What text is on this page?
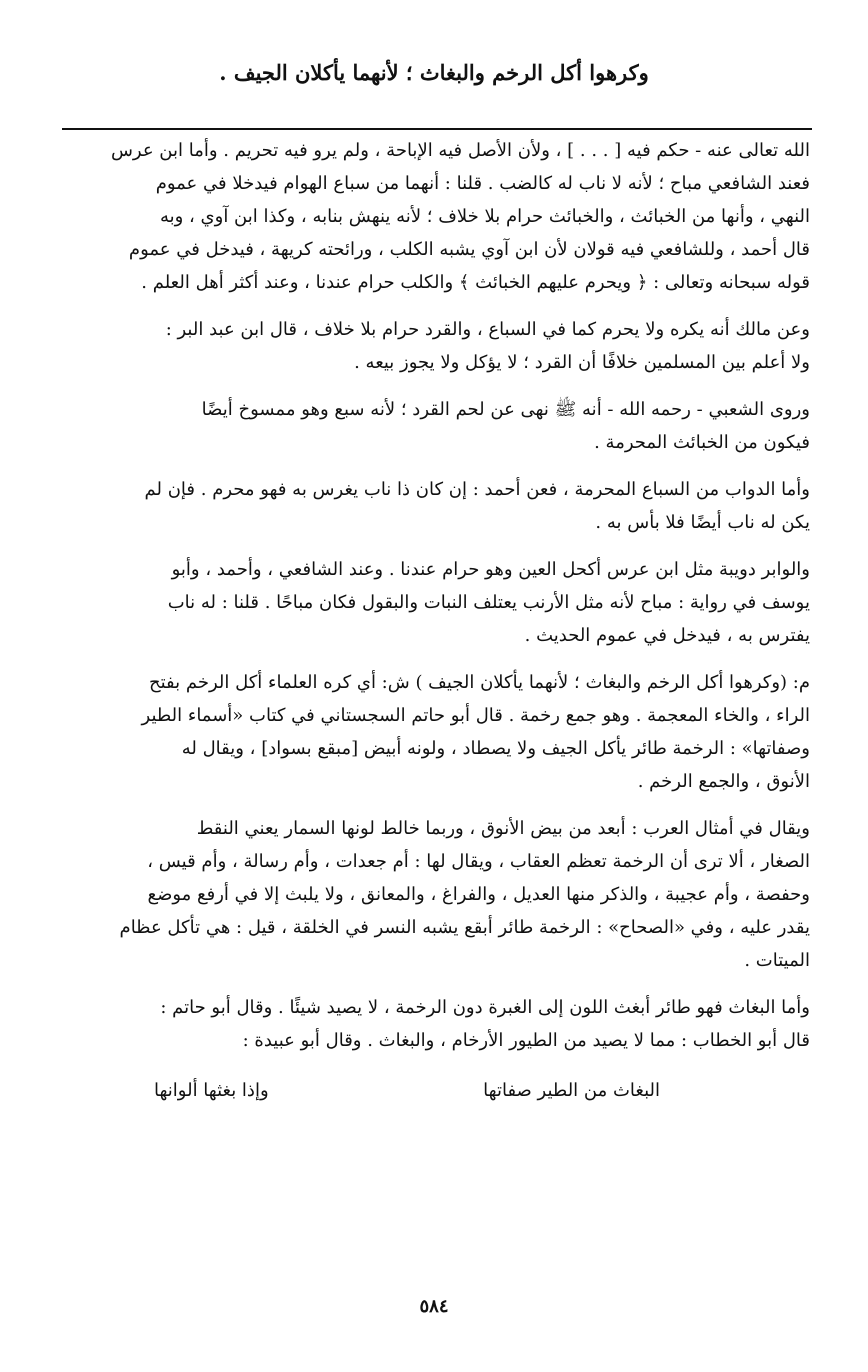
وكرهوا أكل الرخم والبغاث ؛ لأنهما يأكلان الجيف .
الله تعالى عنه - حكم فيه [ . . . ] ، ولأن الأصل فيه الإباحة ، ولم يرو فيه تحريم . وأما ابن عرس
فعند الشافعي مباح ؛ لأنه لا ناب له كالضب . قلنا : أنهما من سباع الهوام فيدخلا في عموم
النهي ، وأنها من الخبائث ، والخبائث حرام بلا خلاف ؛ لأنه ينهش بنابه ، وكذا ابن آوي ، وبه
قال أحمد ، وللشافعي فيه قولان لأن ابن آوي يشبه الكلب ، ورائحته كريهة ، فيدخل في عموم
قوله سبحانه وتعالى : ﴿ ويحرم عليهم الخبائث ﴾ والكلب حرام عندنا ، وعند أكثر أهل العلم .
وعن مالك أنه يكره ولا يحرم كما في السباع ، والقرد حرام بلا خلاف ، قال ابن عبد البر :
ولا أعلم بين المسلمين خلافًا أن القرد ؛ لا يؤكل ولا يجوز بيعه .
وروى الشعبي - رحمه الله - أنه ﷺ نهى عن لحم القرد ؛ لأنه سبع وهو ممسوخ أيضًا
فيكون من الخبائث المحرمة .
وأما الدواب من السباع المحرمة ، فعن أحمد : إن كان ذا ناب يغرس به فهو محرم . فإن لم
يكن له ناب أيضًا فلا بأس به .
والوابر دويبة مثل ابن عرس أكحل العين وهو حرام عندنا . وعند الشافعي ، وأحمد ، وأبو
يوسف في رواية : مباح لأنه مثل الأرنب يعتلف النبات والبقول فكان مباحًا . قلنا : له ناب
يفترس به ، فيدخل في عموم الحديث .
م: (وكرهوا أكل الرخم والبغاث ؛ لأنهما يأكلان الجيف ) ش: أي كره العلماء أكل الرخم بفتح
الراء ، والخاء المعجمة . وهو جمع رخمة . قال أبو حاتم السجستاني في كتاب «أسماء الطير
وصفاتها» : الرخمة طائر يأكل الجيف ولا يصطاد ، ولونه أبيض [مبقع بسواد] ، ويقال له
الأنوق ، والجمع الرخم .
ويقال في أمثال العرب : أبعد من بيض الأنوق ، وربما خالط لونها السمار يعني النقط
الصغار ، ألا ترى أن الرخمة تعظم العقاب ، ويقال لها : أم جعدات ، وأم رسالة ، وأم قيس ،
وحفصة ، وأم عجيبة ، والذكر منها العديل ، والفراغ ، والمعانق ، ولا يلبث إلا في أرفع موضع
يقدر عليه ، وفي «الصحاح» : الرخمة طائر أبقع يشبه النسر في الخلقة ، قيل : هي تأكل عظام
الميتات .
وأما البغاث فهو طائر أبغث اللون إلى الغبرة دون الرخمة ، لا يصيد شيئًا . وقال أبو حاتم :
قال أبو الخطاب : مما لا يصيد من الطيور الأرخام ، والبغاث . وقال أبو عبيدة :
البغاث من الطير صفاتها
وإذا بغثها ألوانها
٥٨٤
